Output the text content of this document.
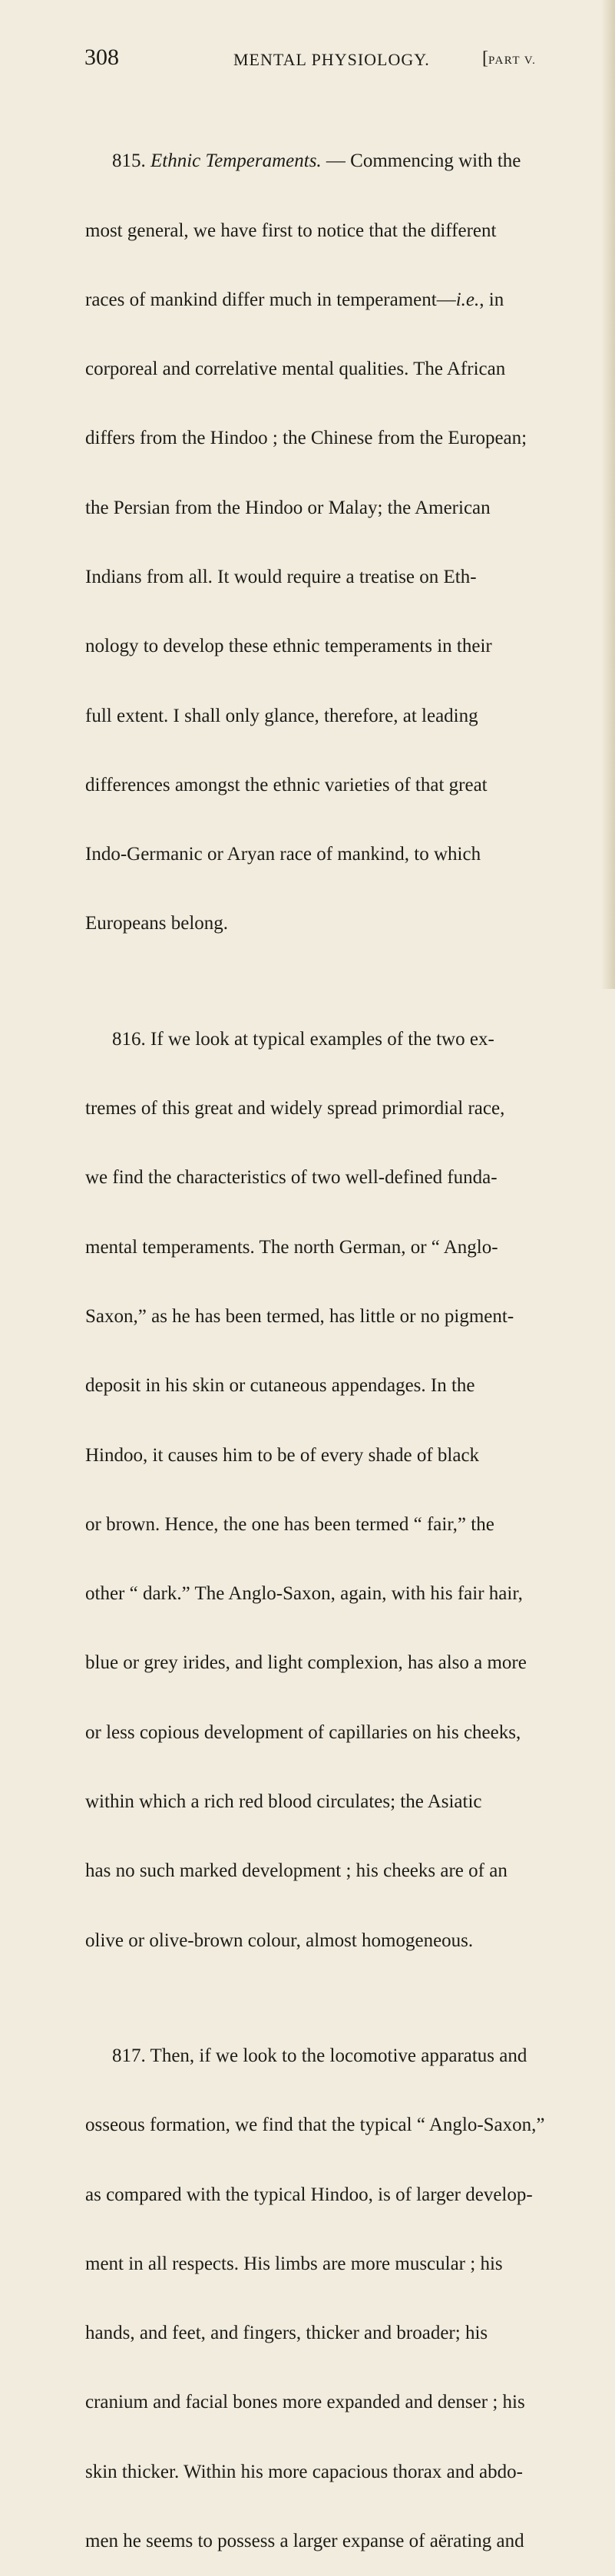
308	MENTAL PHYSIOLOGY.	[PART V.

815. Ethnic Temperaments. — Commencing with the

most general, we have first to notice that the different

races of mankind differ much in temperament—i.e., in

corporeal and correlative mental qualities. The African

differs from the Hindoo ; the Chinese from the European;

the Persian from the Hindoo or Malay; the American

Indians from all. It would require a treatise on Eth-

nology to develop these ethnic temperaments in their

full extent. I shall only glance, therefore, at leading

differences amongst the ethnic varieties of that great

Indo-Germanic or Aryan race of mankind, to which

Europeans belong.

816. If we look at typical examples of the two ex-

tremes of this great and widely spread primordial race,

we find the characteristics of two well-defined funda-

mental temperaments. The north German, or “ Anglo-

Saxon,” as he has been termed, has little or no pigment-

deposit in his skin or cutaneous appendages. In the

Hindoo, it causes him to be of every shade of black

or brown. Hence, the one has been termed “ fair,” the

other “ dark.” The Anglo-Saxon, again, with his fair hair,

blue or grey irides, and light complexion, has also a more

or less copious development of capillaries on his cheeks,

within which a rich red blood circulates; the Asiatic

has no such marked development ; his cheeks are of an

olive or olive-brown colour, almost homogeneous.

817. Then, if we look to the locomotive apparatus and

osseous formation, we find that the typical “ Anglo-Saxon,”

as compared with the typical Hindoo, is of larger develop-

ment in all respects. His limbs are more muscular ; his

hands, and feet, and fingers, thicker and broader; his

cranium and facial bones more expanded and denser ; his

skin thicker. Within his more capacious thorax and abdo-

men he seems to possess a larger expanse of aërating and
